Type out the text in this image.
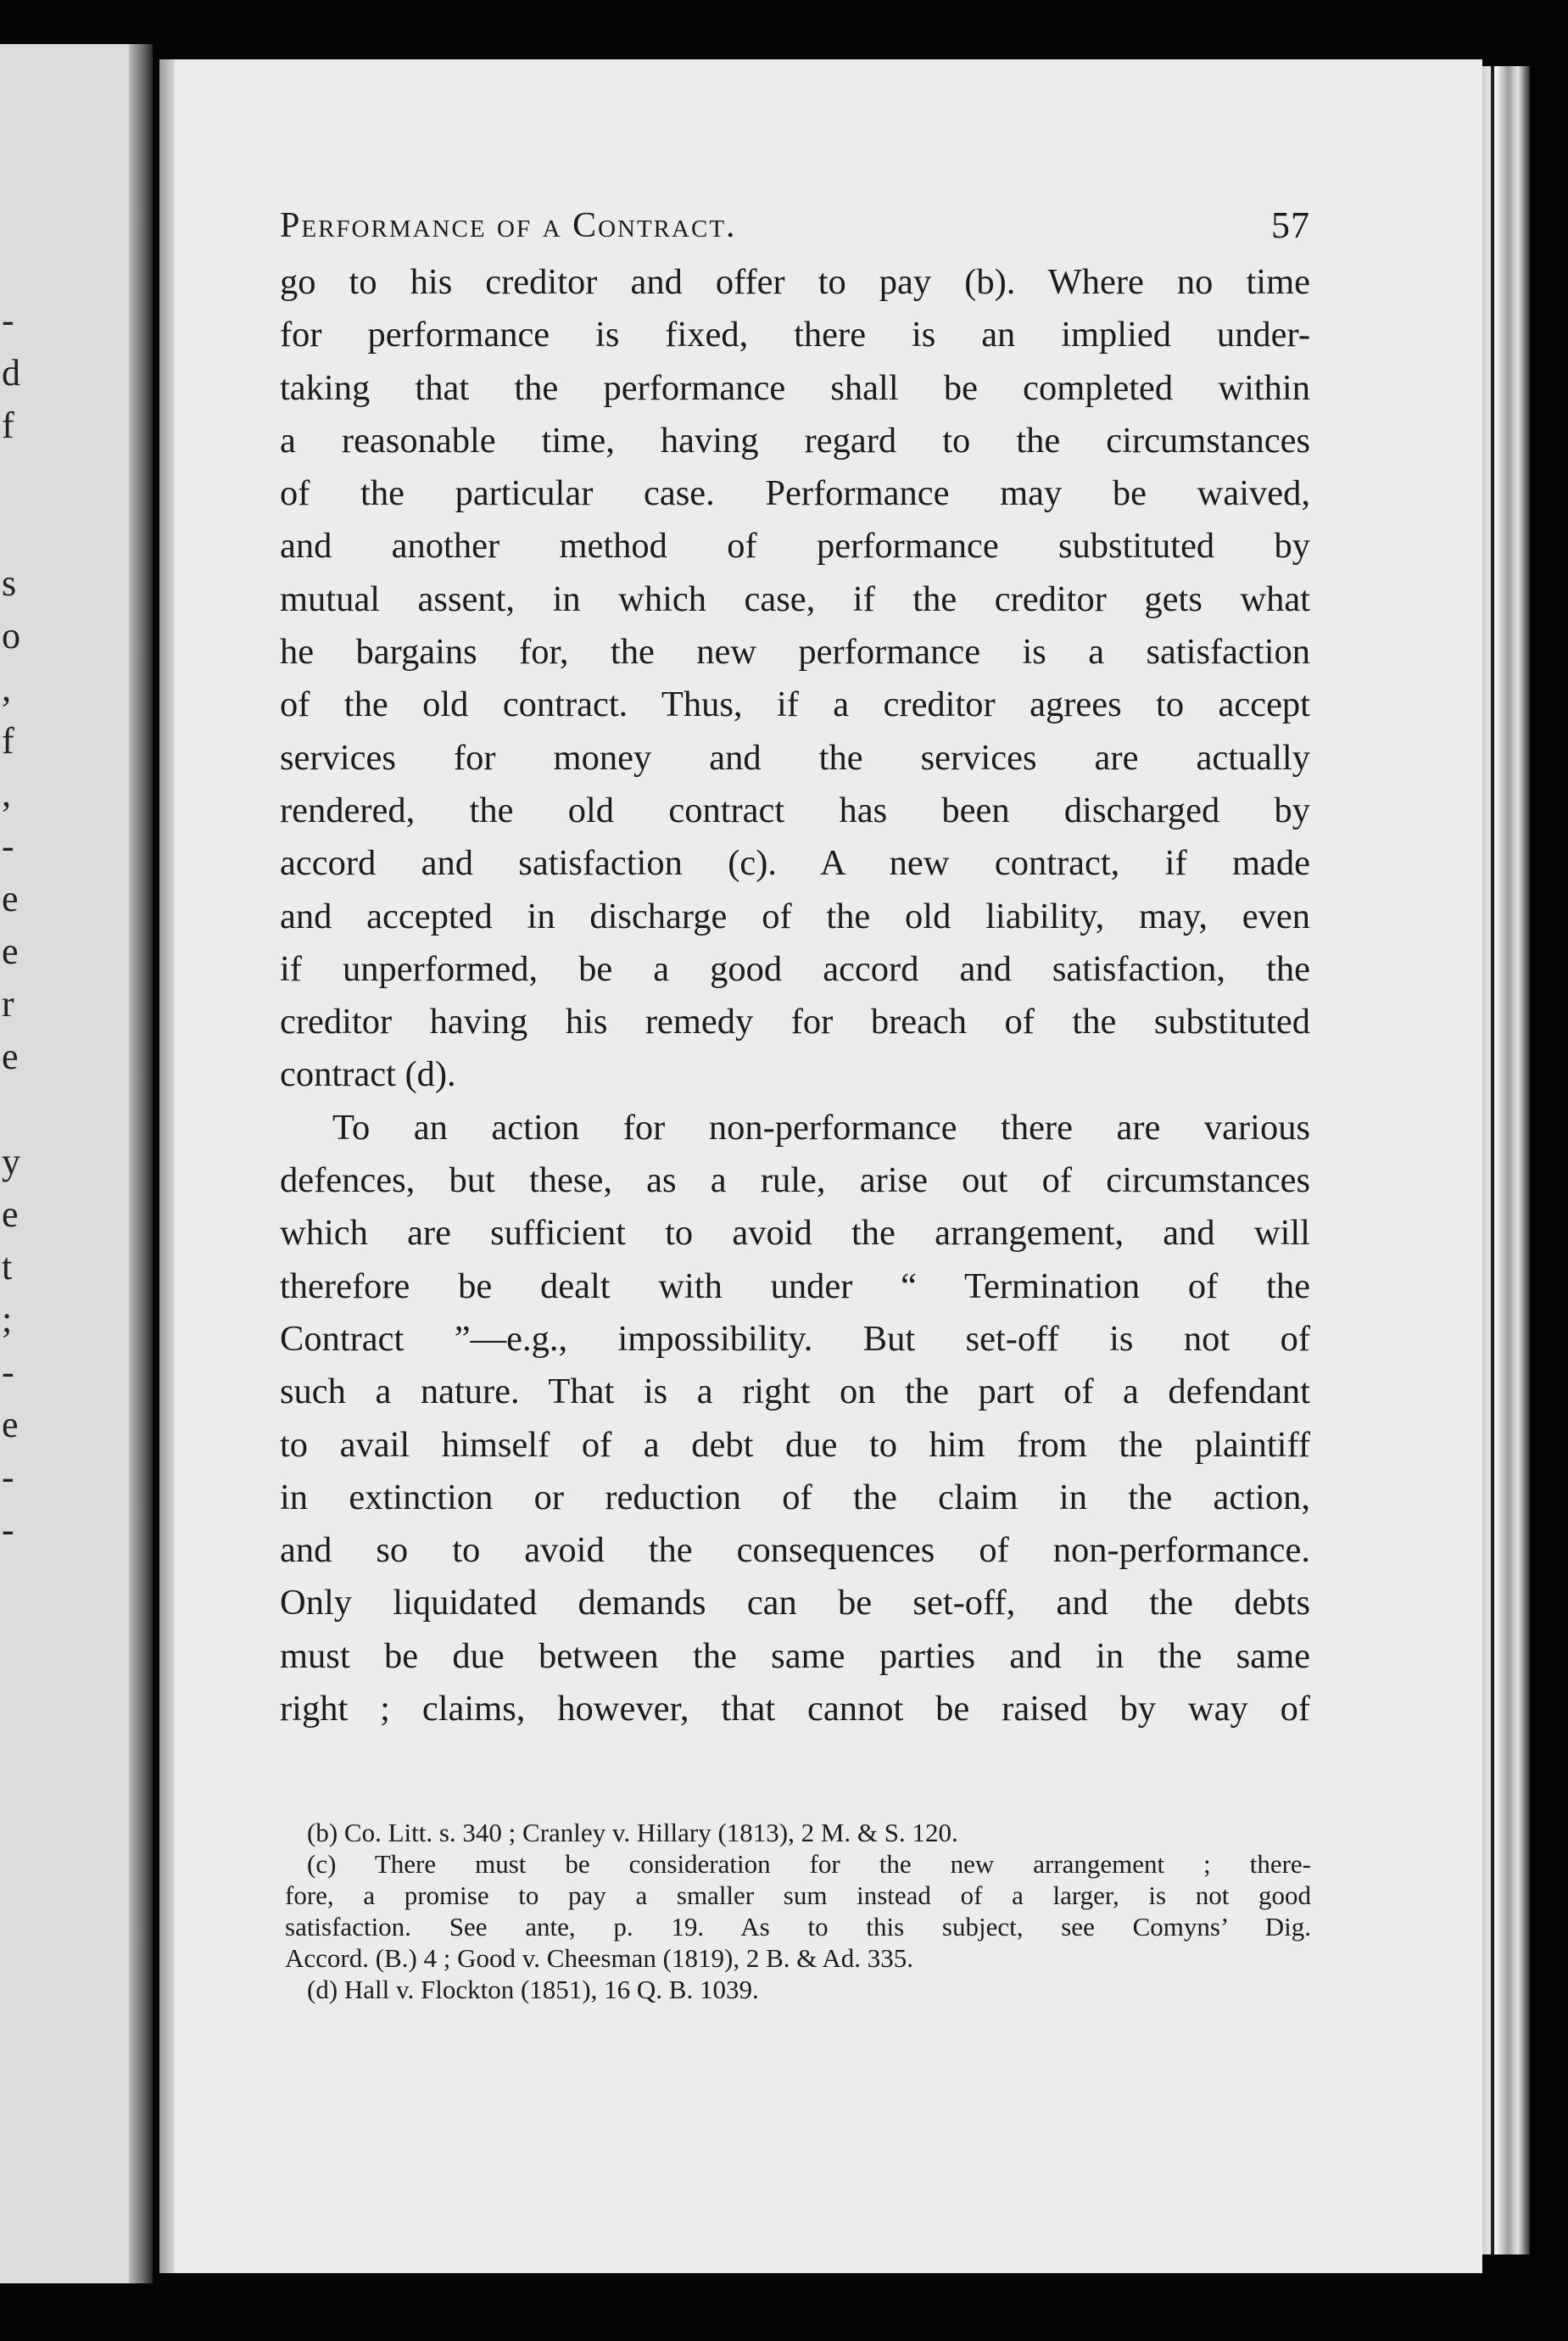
-
d
f
s
o
,
f
,
-
e
e
r
e
y
e
t
;
-
e
-
-
Performance of a Contract.	57
go to his creditor and offer to pay (b). Where no time
for performance is fixed, there is an implied under-
taking that the performance shall be completed within
a reasonable time, having regard to the circumstances
of the particular case. Performance may be waived,
and another method of performance substituted by
mutual assent, in which case, if the creditor gets what
he bargains for, the new performance is a satisfaction
of the old contract. Thus, if a creditor agrees to accept
services for money and the services are actually
rendered, the old contract has been discharged by
accord and satisfaction (c). A new contract, if made
and accepted in discharge of the old liability, may, even
if unperformed, be a good accord and satisfaction, the
creditor having his remedy for breach of the substituted
contract (d).
To an action for non-performance there are various
defences, but these, as a rule, arise out of circumstances
which are sufficient to avoid the arrangement, and will
therefore be dealt with under “ Termination of the
Contract ”—e.g., impossibility. But set-off is not of
such a nature. That is a right on the part of a defendant
to avail himself of a debt due to him from the plaintiff
in extinction or reduction of the claim in the action,
and so to avoid the consequences of non-performance.
Only liquidated demands can be set-off, and the debts
must be due between the same parties and in the same
right ; claims, however, that cannot be raised by way of
(b) Co. Litt. s. 340 ; Cranley v. Hillary (1813), 2 M. & S. 120.
(c) There must be consideration for the new arrangement ; there-
fore, a promise to pay a smaller sum instead of a larger, is not good
satisfaction. See ante, p. 19. As to this subject, see Comyns’ Dig.
Accord. (B.) 4 ; Good v. Cheesman (1819), 2 B. & Ad. 335.
(d) Hall v. Flockton (1851), 16 Q. B. 1039.
